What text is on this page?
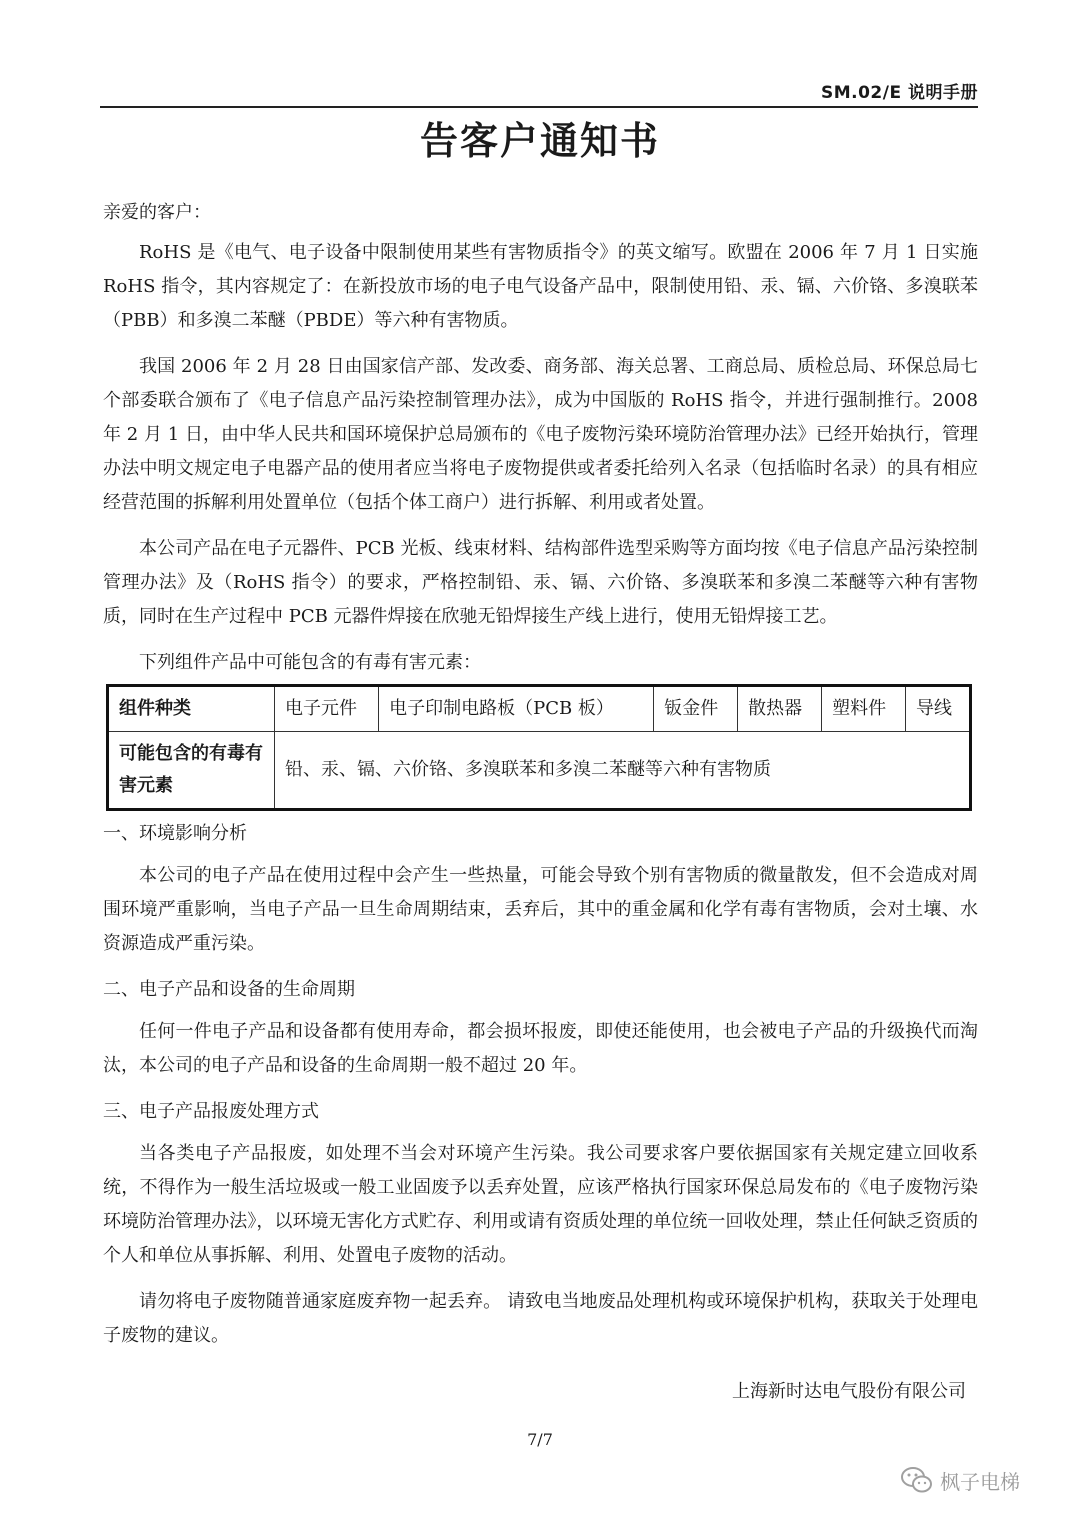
SM.02/E 说明手册
告客户通知书

亲爱的客户：

RoHS 是《电气、电子设备中限制使用某些有害物质指令》的英文缩写。欧盟在 2006 年 7 月 1 日实施 RoHS 指令，其内容规定了：在新投放市场的电子电气设备产品中，限制使用铅、汞、镉、六价铬、多溴联苯（PBB）和多溴二苯醚（PBDE）等六种有害物质。

我国 2006 年 2 月 28 日由国家信产部、发改委、商务部、海关总署、工商总局、质检总局、环保总局七个部委联合颁布了《电子信息产品污染控制管理办法》，成为中国版的 RoHS 指令，并进行强制推行。2008 年 2 月 1 日，由中华人民共和国环境保护总局颁布的《电子废物污染环境防治管理办法》已经开始执行，管理办法中明文规定电子电器产品的使用者应当将电子废物提供或者委托给列入名录（包括临时名录）的具有相应经营范围的拆解利用处置单位（包括个体工商户）进行拆解、利用或者处置。

本公司产品在电子元器件、PCB 光板、线束材料、结构部件选型采购等方面均按《电子信息产品污染控制管理办法》及（RoHS 指令）的要求，严格控制铅、汞、镉、六价铬、多溴联苯和多溴二苯醚等六种有害物质，同时在生产过程中 PCB 元器件焊接在欣驰无铅焊接生产线上进行，使用无铅焊接工艺。

下列组件产品中可能包含的有毒有害元素：

组件种类	电子元件	电子印制电路板（PCB 板）	钣金件	散热器	塑料件	导线
可能包含的有毒有害元素	铅、汞、镉、六价铬、多溴联苯和多溴二苯醚等六种有害物质					

一、环境影响分析

本公司的电子产品在使用过程中会产生一些热量，可能会导致个别有害物质的微量散发，但不会造成对周围环境严重影响，当电子产品一旦生命周期结束，丢弃后，其中的重金属和化学有毒有害物质，会对土壤、水资源造成严重污染。

二、电子产品和设备的生命周期

任何一件电子产品和设备都有使用寿命，都会损坏报废，即使还能使用，也会被电子产品的升级换代而淘汰，本公司的电子产品和设备的生命周期一般不超过 20 年。

三、电子产品报废处理方式

当各类电子产品报废，如处理不当会对环境产生污染。我公司要求客户要依据国家有关规定建立回收系统，不得作为一般生活垃圾或一般工业固废予以丢弃处置，应该严格执行国家环保总局发布的《电子废物污染环境防治管理办法》，以环境无害化方式贮存、利用或请有资质处理的单位统一回收处理，禁止任何缺乏资质的个人和单位从事拆解、利用、处置电子废物的活动。

请勿将电子废物随普通家庭废弃物一起丢弃。 请致电当地废品处理机构或环境保护机构，获取关于处理电子废物的建议。

上海新时达电气股份有限公司

7/7
枫子电梯
